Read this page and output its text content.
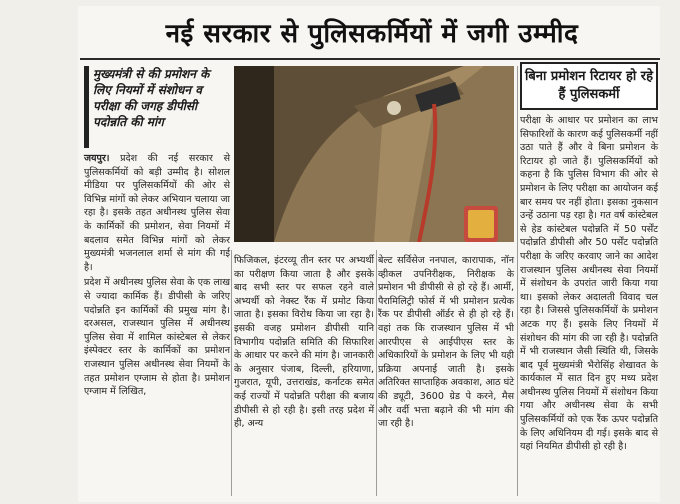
नई सरकार से पुलिसकर्मियों में जगी उम्मीद
मुख्यमंत्री से की प्रमोशन के लिए नियमों में संशोधन व परीक्षा की जगह डीपीसी पदोन्नति की मांग
बिना प्रमोशन रिटायर हो रहे हैं पुलिसकर्मी

जयपुर। प्रदेश की नई सरकार से पुलिसकर्मियों को बड़ी उम्मीद है। सोशल मीडिया पर पुलिसकर्मियों की ओर से विभिन्न मांगों को लेकर अभियान चलाया जा रहा है। इसके तहत अधीनस्थ पुलिस सेवा के कार्मिकों की प्रमोशन, सेवा नियमों में बदलाव समेत विभिन्न मांगों को लेकर मुख्यमंत्री भजनलाल शर्मा से मांग की गई है।

प्रदेश में अधीनस्थ पुलिस सेवा के एक लाख से ज्यादा कार्मिक हैं। डीपीसी के जरिए पदोन्नति इन कार्मिकों की प्रमुख मांग है। दरअसल, राजस्थान पुलिस में अधीनस्थ पुलिस सेवा में शामिल कांस्टेबल से लेकर इंस्पेक्टर स्तर के कार्मिकों का प्रमोशन राजस्थान पुलिस अधीनस्थ सेवा नियमों के तहत प्रमोशन एग्जाम से होता है। प्रमोशन एग्जाम में लिखित,

फिजिकल, इंटरव्यू तीन स्तर पर अभ्यर्थी का परीक्षण किया जाता है और इसके बाद सभी स्तर पर सफल रहने वाले अभ्यर्थी को नेक्स्ट रैंक में प्रमोट किया जाता है। इसका विरोध किया जा रहा है। इसकी वजह प्रमोशन डीपीसी यानि विभागीय पदोन्नति समिति की सिफारिश के आधार पर करने की मांग है। जानकारी के अनुसार पंजाब, दिल्ली, हरियाणा, गुजरात, यूपी, उत्तराखंड, कर्नाटक समेत कई राज्यों में पदोन्नति परीक्षा की बजाय डीपीसी से हो रही है। इसी तरह प्रदेश में ही, अन्य
बेल्ट सर्विसेज ननपाल, कारापाक, नॉन व्हीकल उपनिरीक्षक, निरीक्षक के प्रमोशन भी डीपीसी से हो रहे हैं। आर्मी, पैरामिलिट्री फोर्स में भी प्रमोशन प्रत्येक रैंक पर डीपीसी ऑर्डर से ही हो रहे हैं। वहां तक कि राजस्थान पुलिस में भी आरपीएस से आईपीएस स्तर के अधिकारियों के प्रमोशन के लिए भी यही प्रक्रिया अपनाई जाती है। इसके अतिरिक्त साप्ताहिक अवकाश, आठ घंटे की ड्यूटी, 3600 ग्रेड पे करने, मैस और वर्दी भत्ता बढ़ाने की भी मांग की जा रही है।
परीक्षा के आधार पर प्रमोशन का लाभ सिफारिशों के कारण कई पुलिसकर्मी नहीं उठा पाते हैं और वे बिना प्रमोशन के रिटायर हो जाते हैं। पुलिसकर्मियों को कहना है कि पुलिस विभाग की ओर से प्रमोशन के लिए परीक्षा का आयोजन कई बार समय पर नहीं होता। इसका नुकसान उन्हें उठाना पड़ रहा है। गत वर्ष कांस्टेबल से हेड कांस्टेबल पदोन्नति में 50 पर्सेंट पदोन्नति डीपीसी और 50 पर्सेंट पदोन्नति परीक्षा के जरिए करवाए जाने का आदेश राजस्थान पुलिस अधीनस्थ सेवा नियमों में संशोधन के उपरांत जारी किया गया था। इसको लेकर अदालती विवाद चल रहा है। जिससे पुलिसकर्मियों के प्रमोशन अटक गए हैं। इसके लिए नियमों में संशोधन की मांग की जा रही है। पदोन्नति में भी राजस्थान जैसी स्थिति थी, जिसके बाद पूर्व मुख्यमंत्री भैरोसिंह शेखावत के कार्यकाल में सात दिन हुए मध्य प्रदेश अधीनस्थ पुलिस नियमों में संशोधन किया गया और अधीनस्थ सेवा के सभी पुलिसकर्मियों को एक रैंक ऊपर पदोन्नति के लिए अधिनियम दी गई। इसके बाद से यहां नियमित डीपीसी हो रही है।
